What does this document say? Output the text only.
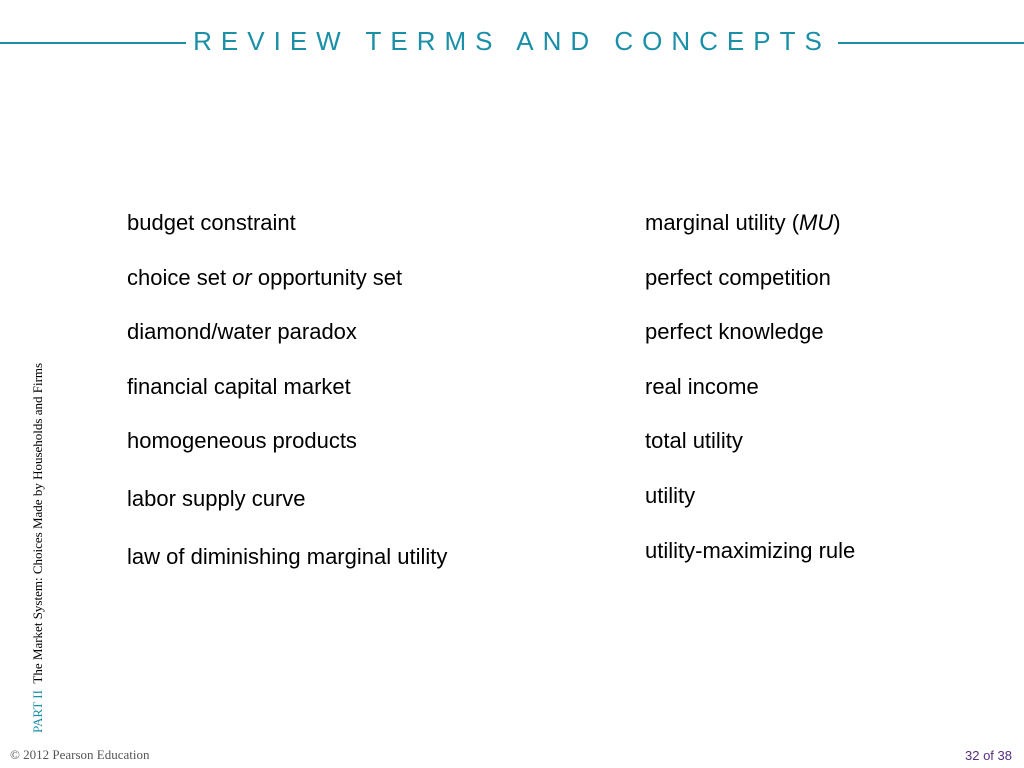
REVIEW TERMS AND CONCEPTS
budget constraint
choice set or opportunity set
diamond/water paradox
financial capital market
homogeneous products
labor supply curve
law of diminishing marginal utility
marginal utility (MU)
perfect competition
perfect knowledge
real income
total utility
utility
utility-maximizing rule
PART II  The Market System: Choices Made by Households and Firms
© 2012 Pearson Education	32 of 38
